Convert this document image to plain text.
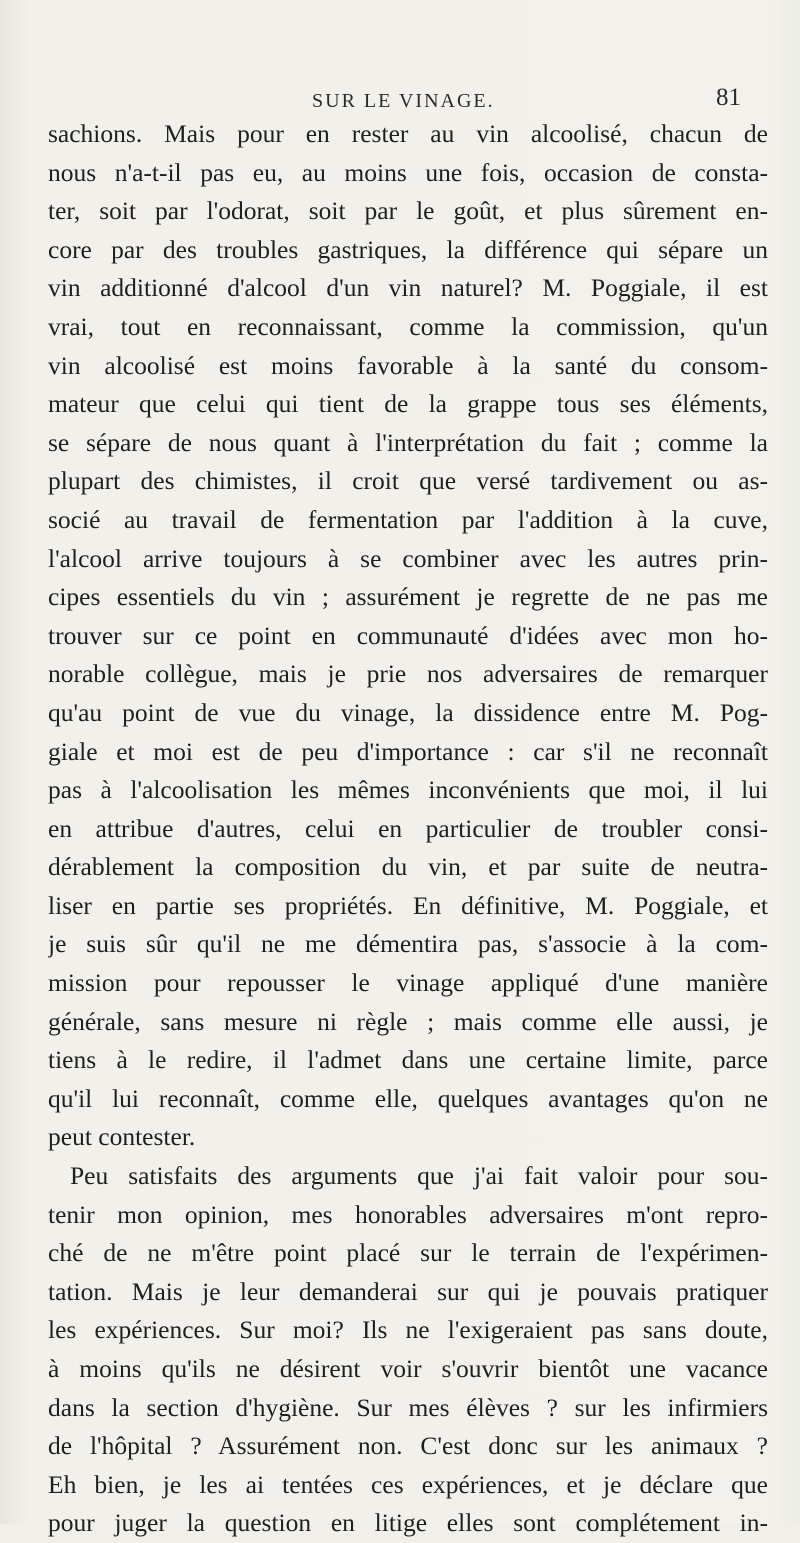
SUR LE VINAGE.	81
sachions. Mais pour en rester au vin alcoolisé, chacun de
nous n'a-t-il pas eu, au moins une fois, occasion de consta-
ter, soit par l'odorat, soit par le goût, et plus sûrement en-
core par des troubles gastriques, la différence qui sépare un
vin additionné d'alcool d'un vin naturel? M. Poggiale, il est
vrai, tout en reconnaissant, comme la commission, qu'un
vin alcoolisé est moins favorable à la santé du consom-
mateur que celui qui tient de la grappe tous ses éléments,
se sépare de nous quant à l'interprétation du fait ; comme la
plupart des chimistes, il croit que versé tardivement ou as-
socié au travail de fermentation par l'addition à la cuve,
l'alcool arrive toujours à se combiner avec les autres prin-
cipes essentiels du vin ; assurément je regrette de ne pas me
trouver sur ce point en communauté d'idées avec mon ho-
norable collègue, mais je prie nos adversaires de remarquer
qu'au point de vue du vinage, la dissidence entre M. Pog-
giale et moi est de peu d'importance : car s'il ne reconnaît
pas à l'alcoolisation les mêmes inconvénients que moi, il lui
en attribue d'autres, celui en particulier de troubler consi-
dérablement la composition du vin, et par suite de neutra-
liser en partie ses propriétés. En définitive, M. Poggiale, et
je suis sûr qu'il ne me démentira pas, s'associe à la com-
mission pour repousser le vinage appliqué d'une manière
générale, sans mesure ni règle ; mais comme elle aussi, je
tiens à le redire, il l'admet dans une certaine limite, parce
qu'il lui reconnaît, comme elle, quelques avantages qu'on ne
peut contester.
Peu satisfaits des arguments que j'ai fait valoir pour sou-
tenir mon opinion, mes honorables adversaires m'ont repro-
ché de ne m'être point placé sur le terrain de l'expérimen-
tation. Mais je leur demanderai sur qui je pouvais pratiquer
les expériences. Sur moi? Ils ne l'exigeraient pas sans doute,
à moins qu'ils ne désirent voir s'ouvrir bientôt une vacance
dans la section d'hygiène. Sur mes élèves ? sur les infirmiers
de l'hôpital ? Assurément non. C'est donc sur les animaux ?
Eh bien, je les ai tentées ces expériences, et je déclare que
pour juger la question en litige elles sont complétement in-
